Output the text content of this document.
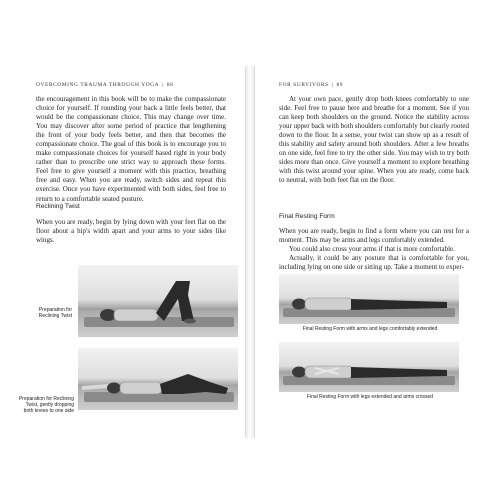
OVERCOMING TRAUMA THROUGH YOGA | 88

the encouragement in this book will be to make the compassionate choice for yourself. If rounding your back a little feels better, that would be the compassionate choice. This may change over time. You may discover after some period of practice that lengthening the front of your body feels better, and then that becomes the compassionate choice. The goal of this book is to encourage you to make compassionate choices for yourself based right in your body rather than to prescribe one strict way to approach these forms. Feel free to give yourself a moment with this practice, breathing free and easy. When you are ready, switch sides and repeat this exercise. Once you have experimented with both sides, feel free to return to a comfortable seated posture.

Reclining Twist

When you are ready, begin by lying down with your feet flat on the floor about a hip's width apart and your arms to your sides like wings.

Preparation for Reclining Twist
Preparation for Reclining Twist, gently dropping both knees to one side
FOR SURVIVORS | 89

At your own pace, gently drop both knees comfortably to one side. Feel free to pause here and breathe for a moment. See if you can keep both shoulders on the ground. Notice the stability across your upper back with both shoulders comfortably but clearly rooted down to the floor. In a sense, your twist can show up as a result of this stability and safety around both shoulders. After a few breaths on one side, feel free to try the other side. You may wish to try both sides more than once. Give yourself a moment to explore breathing with this twist around your spine. When you are ready, come back to neutral, with both feet flat on the floor.

Final Resting Form

When you are ready, begin to find a form where you can rest for a moment. This may be arms and legs comfortably extended.

You could also cross your arms if that is more comfortable.

Actually, it could be any posture that is comfortable for you, including lying on one side or sitting up. Take a moment to exper-

Final Resting Form with arms and legs comfortably extended
Final Resting Form with legs extended and arms crossed
